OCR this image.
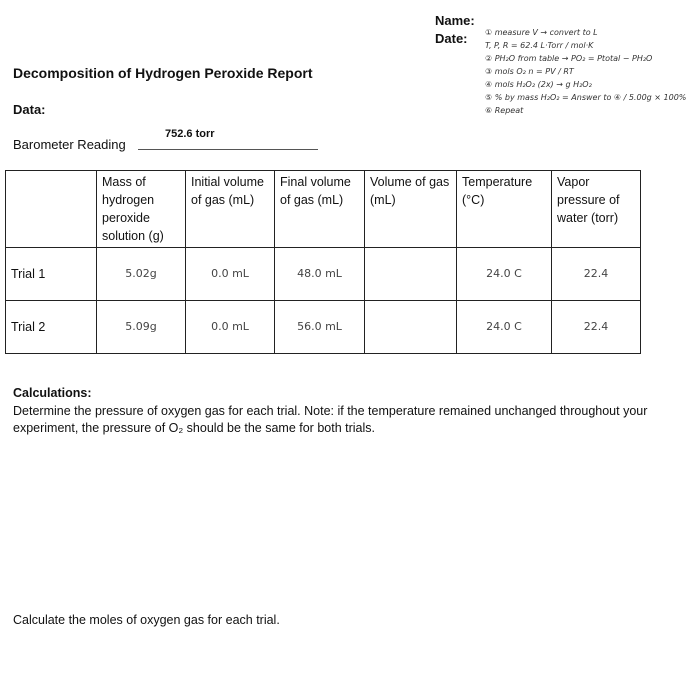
Name:
Date:	① measure V → convert to L
T, P, R = 62.4 L·Torr / mol·K
② PH₂O from table → PO₂ = Ptotal − PH₂O
③ mols O₂ n = PV / RT
④ mols H₂O₂ (2x) → g H₂O₂
⑤ % by mass H₂O₂ = Answer to ④ / 5.00g × 100%
⑥ Repeat
Decomposition of Hydrogen Peroxide Report
Data:
752.6 torr
Barometer Reading
	Mass of hydrogen peroxide solution (g)	Initial volume of gas (mL)	Final volume of gas (mL)	Volume of gas (mL)	Temperature (°C)	Vapor pressure of water (torr)
Trial 1	5.02g	0.0 mL	48.0 mL		24.0 C	22.4
Trial 2	5.09g	0.0 mL	56.0 mL		24.0 C	22.4
Calculations:
Determine the pressure of oxygen gas for each trial. Note: if the temperature remained unchanged throughout your experiment, the pressure of O₂ should be the same for both trials.
Calculate the moles of oxygen gas for each trial.
